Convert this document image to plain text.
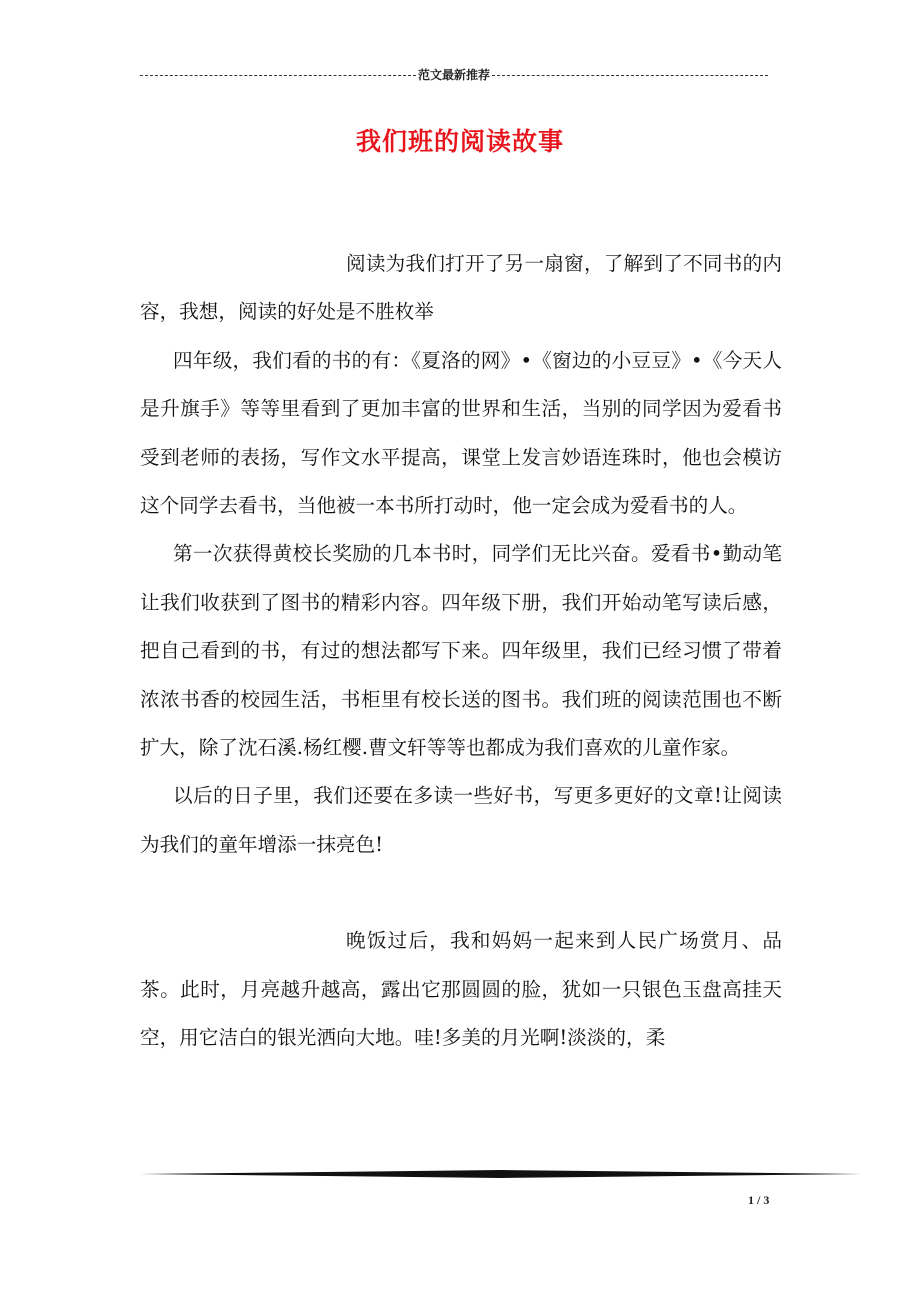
范文最新推荐
我们班的阅读故事

阅读为我们打开了另一扇窗，了解到了不同书的内容，我想，阅读的好处是不胜枚举

四年级，我们看的书的有：《夏洛的网》•《窗边的小豆豆》•《今天人是升旗手》等等里看到了更加丰富的世界和生活，当别的同学因为爱看书受到老师的表扬，写作文水平提高，课堂上发言妙语连珠时，他也会模访这个同学去看书，当他被一本书所打动时，他一定会成为爱看书的人。

第一次获得黄校长奖励的几本书时，同学们无比兴奋。爱看书•勤动笔让我们收获到了图书的精彩内容。四年级下册，我们开始动笔写读后感，把自己看到的书，有过的想法都写下来。四年级里，我们已经习惯了带着浓浓书香的校园生活，书柜里有校长送的图书。我们班的阅读范围也不断扩大，除了沈石溪.杨红樱.曹文轩等等也都成为我们喜欢的儿童作家。

以后的日子里，我们还要在多读一些好书，写更多更好的文章!让阅读为我们的童年增添一抹亮色!

晚饭过后，我和妈妈一起来到人民广场赏月、品茶。此时，月亮越升越高，露出它那圆圆的脸，犹如一只银色玉盘高挂天空，用它洁白的银光洒向大地。哇!多美的月光啊!淡淡的，柔

1 / 3
